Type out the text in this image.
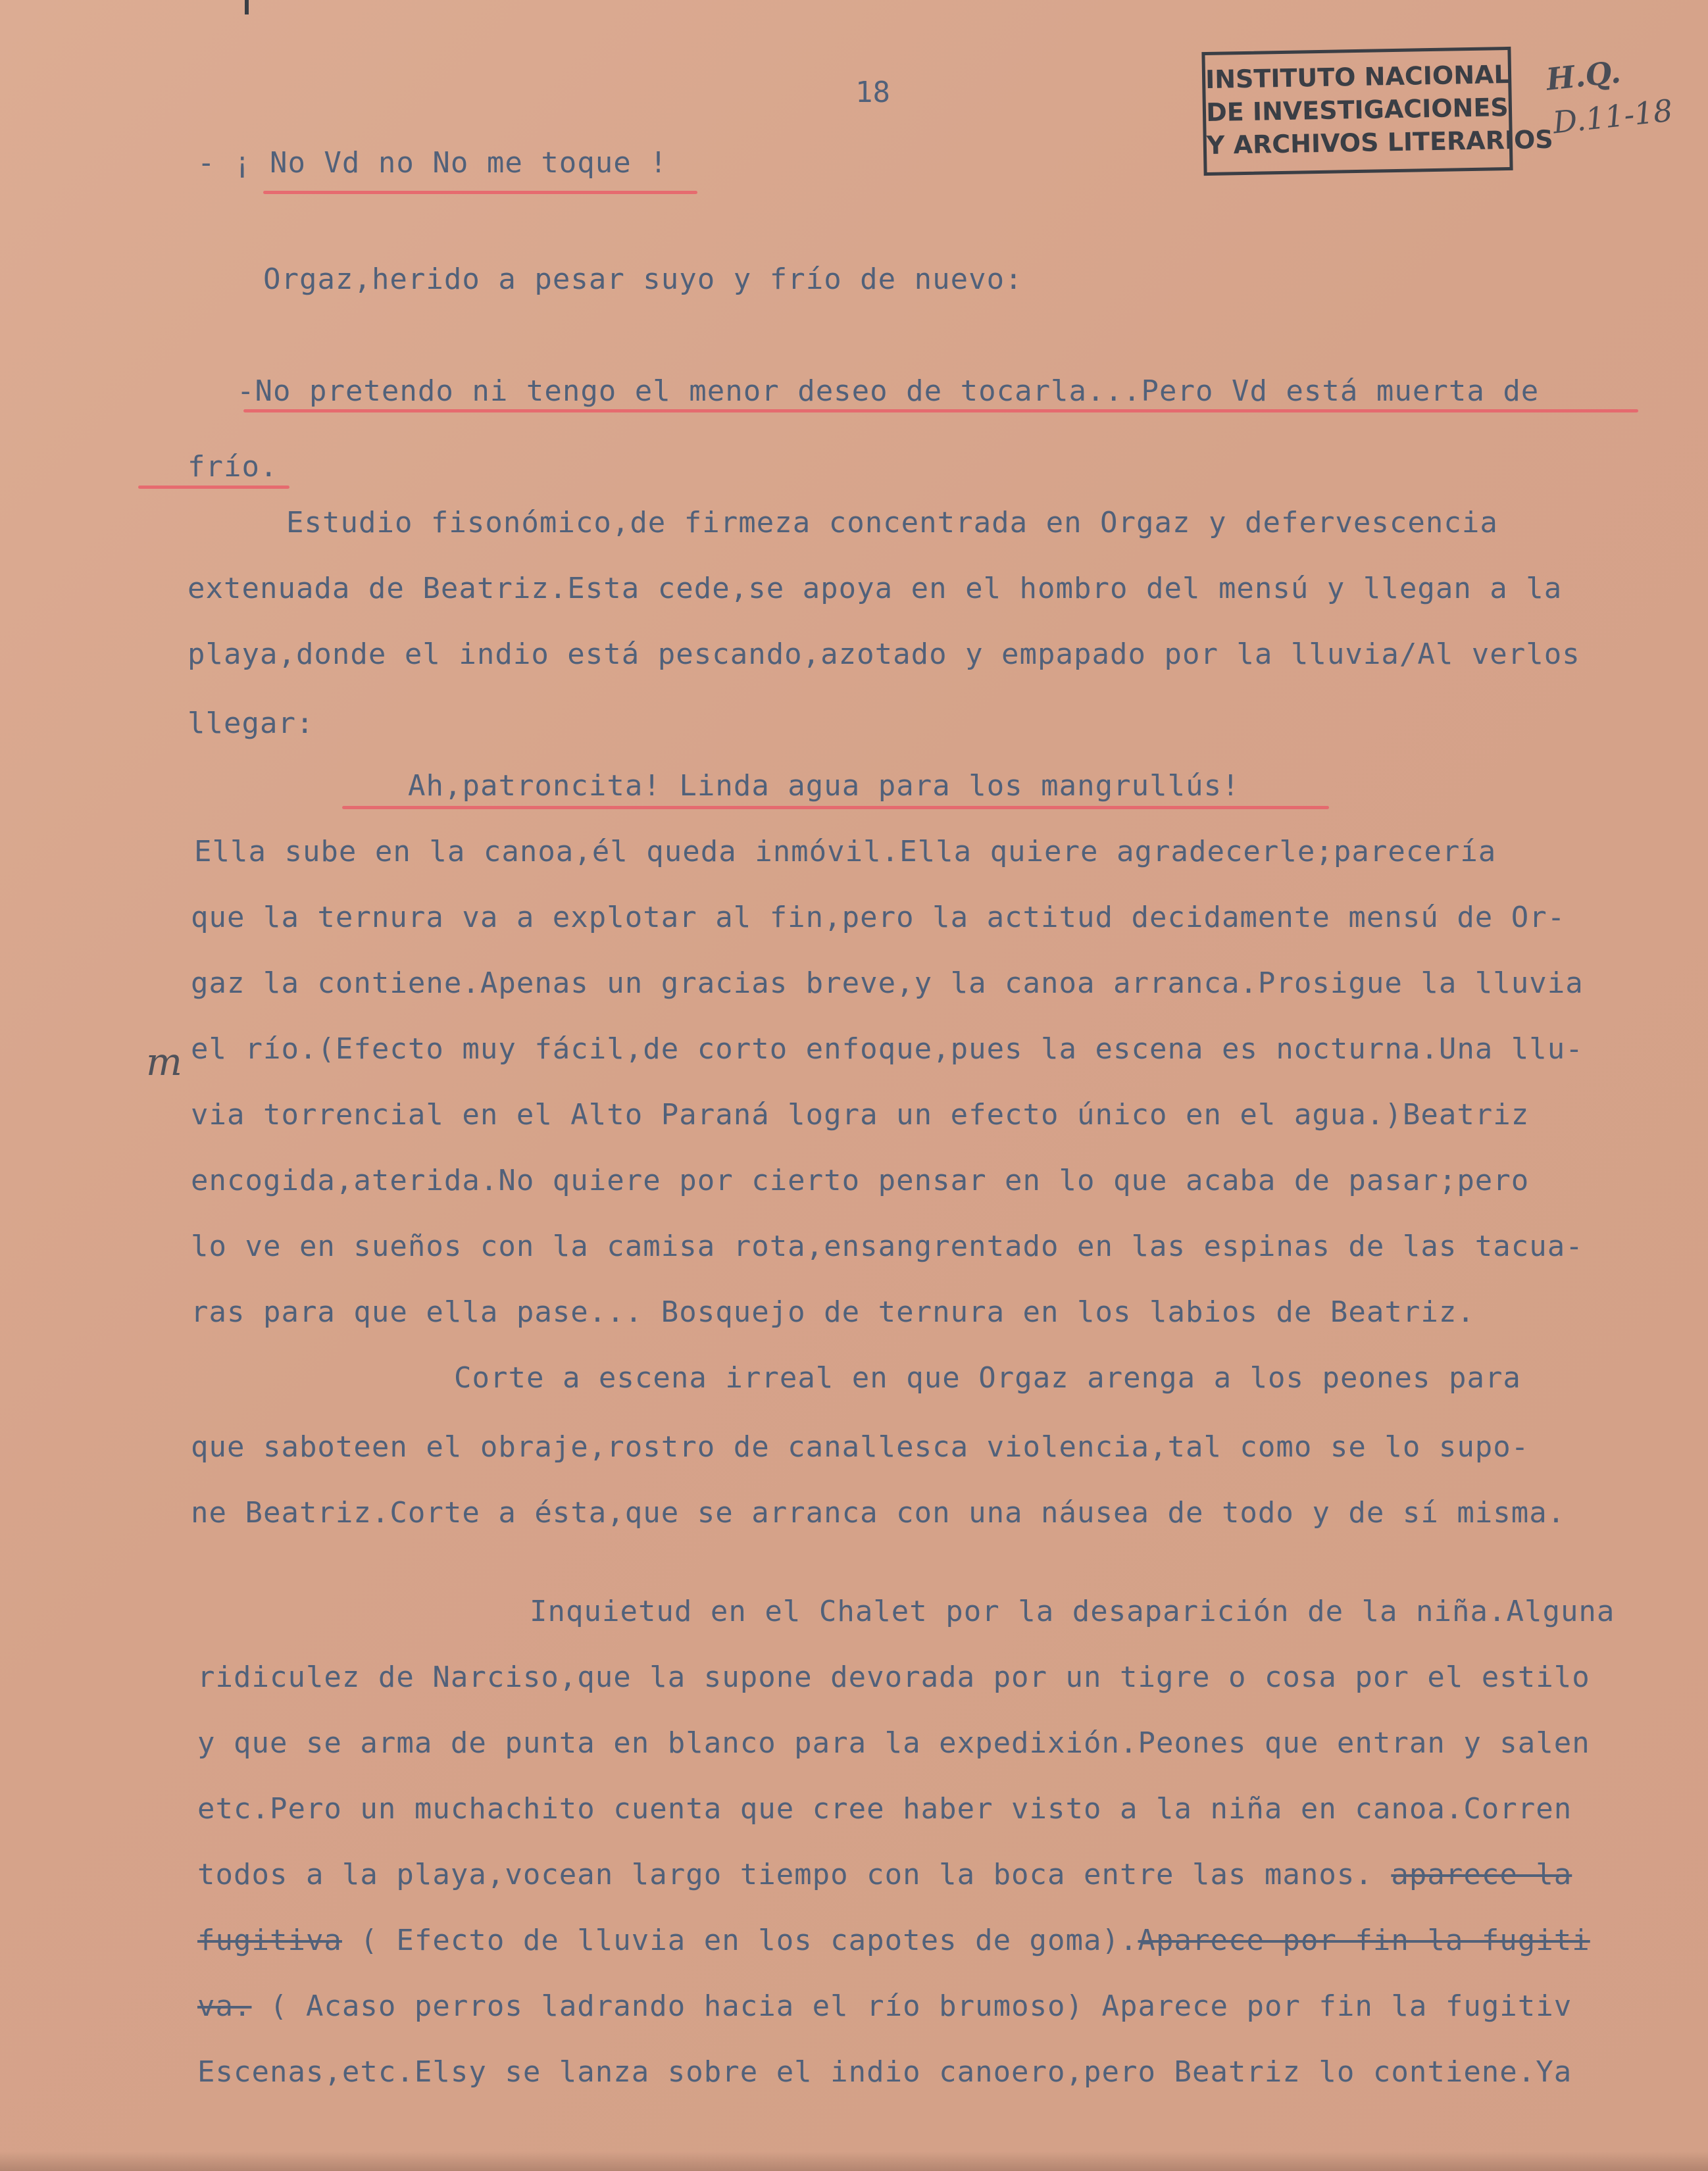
18	INSTITUTO NACIONAL
DE INVESTIGACIONES
Y ARCHIVOS LITERARIOS
H.Q.
D.11-18
m
- ¡ No Vd no No me toque !
Orgaz,herido a pesar suyo y frío de nuevo:
-No pretendo ni tengo el menor deseo de tocarla...Pero Vd está muerta de
frío.
Estudio fisonómico,de firmeza concentrada en Orgaz y defervescencia
extenuada de Beatriz.Esta cede,se apoya en el hombro del mensú y llegan a la
playa,donde el indio está pescando,azotado y empapado por la lluvia/Al verlos
llegar:
Ah,patroncita! Linda agua para los mangrullús!
Ella sube en la canoa,él queda inmóvil.Ella quiere agradecerle;parecería
que la ternura va a explotar al fin,pero la actitud decidamente mensú de Or-
gaz la contiene.Apenas un gracias breve,y la canoa arranca.Prosigue la lluvia
el río.(Efecto muy fácil,de corto enfoque,pues la escena es nocturna.Una llu-
via torrencial en el Alto Paraná logra un efecto único en el agua.)Beatriz
encogida,aterida.No quiere por cierto pensar en lo que acaba de pasar;pero
lo ve en sueños con la camisa rota,ensangrentado en las espinas de las tacua-
ras para que ella pase... Bosquejo de ternura en los labios de Beatriz.
Corte a escena irreal en que Orgaz arenga a los peones para
que saboteen el obraje,rostro de canallesca violencia,tal como se lo supo-
ne Beatriz.Corte a ésta,que se arranca con una náusea de todo y de sí misma.
Inquietud en el Chalet por la desaparición de la niña.Alguna
ridiculez de Narciso,que la supone devorada por un tigre o cosa por el estilo
y que se arma de punta en blanco para la expedixión.Peones que entran y salen
etc.Pero un muchachito cuenta que cree haber visto a la niña en canoa.Corren
todos a la playa,vocean largo tiempo con la boca entre las manos. aparece la
fugitiva ( Efecto de lluvia en los capotes de goma).Aparece por fin la fugiti
va. ( Acaso perros ladrando hacia el río brumoso) Aparece por fin la fugitiv
Escenas,etc.Elsy se lanza sobre el indio canoero,pero Beatriz lo contiene.Ya
